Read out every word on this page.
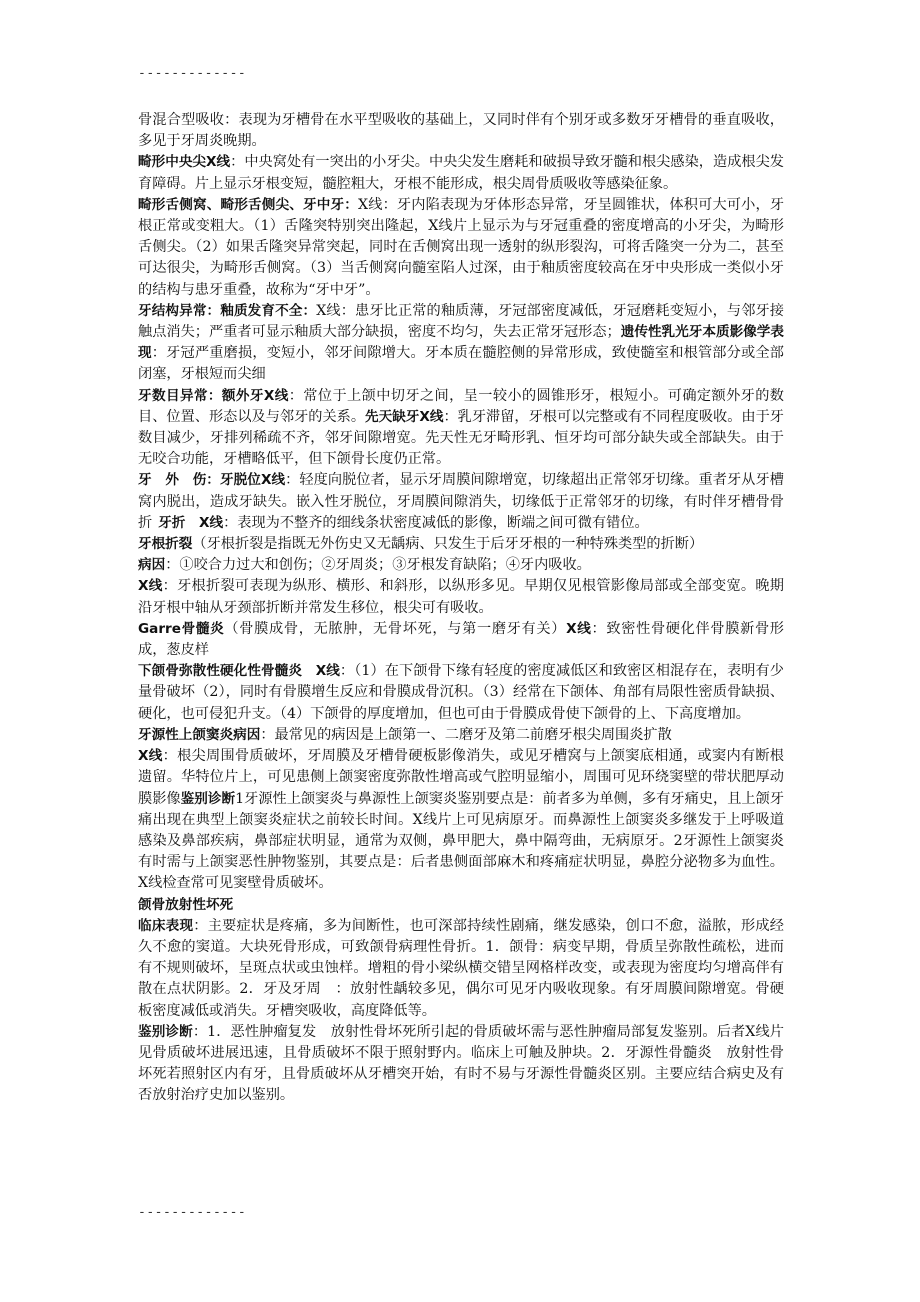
-------------

骨混合型吸收：表现为牙槽骨在水平型吸收的基础上，又同时伴有个别牙或多数牙牙槽骨的垂直吸收，多见于牙周炎晚期。

畸形中央尖X线：中央窝处有一突出的小牙尖。中央尖发生磨耗和破损导致牙髓和根尖感染，造成根尖发育障碍。片上显示牙根变短，髓腔粗大，牙根不能形成，根尖周骨质吸收等感染征象。

畸形舌侧窝、畸形舌侧尖、牙中牙：X线：牙内陷表现为牙体形态异常，牙呈圆锥状，体积可大可小，牙根正常或变粗大。（1）舌隆突特别突出隆起，X线片上显示为与牙冠重叠的密度增高的小牙尖，为畸形舌侧尖。（2）如果舌隆突异常突起，同时在舌侧窝出现一透射的纵形裂沟，可将舌隆突一分为二，甚至可达很尖，为畸形舌侧窝。（3）当舌侧窝向髓室陷人过深，由于釉质密度较高在牙中央形成一类似小牙的结构与患牙重叠，故称为“牙中牙”。

牙结构异常：釉质发育不全：X线：患牙比正常的釉质薄，牙冠部密度减低，牙冠磨耗变短小，与邻牙接触点消失；严重者可显示釉质大部分缺损，密度不均匀，失去正常牙冠形态；遗传性乳光牙本质影像学表现：牙冠严重磨损，变短小，邻牙间隙增大。牙本质在髓腔侧的异常形成，致使髓室和根管部分或全部闭塞，牙根短而尖细

牙数目异常：额外牙X线：常位于上颌中切牙之间，呈一较小的圆锥形牙，根短小。可确定额外牙的数目、位置、形态以及与邻牙的关系。先天缺牙X线：乳牙滞留，牙根可以完整或有不同程度吸收。由于牙数目减少，牙排列稀疏不齐，邻牙间隙增宽。先天性无牙畸形乳、恒牙均可部分缺失或全部缺失。由于无咬合功能，牙槽略低平，但下颌骨长度仍正常。

牙　外　伤：牙脱位X线：轻度向脱位者，显示牙周膜间隙增宽，切缘超出正常邻牙切缘。重者牙从牙槽窝内脱出，造成牙缺失。嵌入性牙脱位，牙周膜间隙消失，切缘低于正常邻牙的切缘，有时伴牙槽骨骨折 牙折　X线：表现为不整齐的细线条状密度减低的影像，断端之间可微有错位。

牙根折裂（牙根折裂是指既无外伤史又无龋病、只发生于后牙牙根的一种特殊类型的折断）

病因：①咬合力过大和创伤；②牙周炎；③牙根发育缺陷；④牙内吸收。

X线：牙根折裂可表现为纵形、横形、和斜形，以纵形多见。早期仅见根管影像局部或全部变宽。晚期沿牙根中轴从牙颈部折断并常发生移位，根尖可有吸收。

Garre骨髓炎（骨膜成骨，无脓肿，无骨坏死，与第一磨牙有关）X线：致密性骨硬化伴骨膜新骨形成，葱皮样

下颌骨弥散性硬化性骨髓炎　X线：（1）在下颌骨下缘有轻度的密度减低区和致密区相混存在，表明有少量骨破坏（2），同时有骨膜增生反应和骨膜成骨沉积。（3）经常在下颌体、角部有局限性密质骨缺损、硬化，也可侵犯升支。（4）下颌骨的厚度增加，但也可由于骨膜成骨使下颌骨的上、下高度增加。

牙源性上颌窦炎病因：最常见的病因是上颌第一、二磨牙及第二前磨牙根尖周围炎扩散

X线：根尖周围骨质破坏，牙周膜及牙槽骨硬板影像消失，或见牙槽窝与上颌窦底相通，或窦内有断根遗留。华特位片上，可见患侧上颌窦密度弥散性增高或气腔明显缩小，周围可见环绕窦壁的带状肥厚动膜影像鉴别诊断1牙源性上颌窦炎与鼻源性上颌窦炎鉴别要点是：前者多为单侧，多有牙痛史，且上颌牙痛出现在典型上颌窦炎症状之前较长时间。X线片上可见病原牙。而鼻源性上颌窦炎多继发于上呼吸道感染及鼻部疾病，鼻部症状明显，通常为双侧，鼻甲肥大，鼻中隔弯曲，无病原牙。2牙源性上颌窦炎有时需与上颌窦恶性肿物鉴别，其要点是：后者患侧面部麻木和疼痛症状明显，鼻腔分泌物多为血性。X线检查常可见窦壁骨质破坏。

颌骨放射性坏死

临床表现：主要症状是疼痛，多为间断性，也可深部持续性剧痛，继发感染，创口不愈，溢脓，形成经久不愈的窦道。大块死骨形成，可致颌骨病理性骨折。1．颌骨：病变早期，骨质呈弥散性疏松，进而有不规则破坏，呈斑点状或虫蚀样。增粗的骨小梁纵横交错呈网格样改变，或表现为密度均匀增高伴有散在点状阴影。2．牙及牙周　：放射性龋较多见，偶尔可见牙内吸收现象。有牙周膜间隙增宽。骨硬板密度减低或消失。牙槽突吸收，高度降低等。

鉴别诊断：1．恶性肿瘤复发　放射性骨坏死所引起的骨质破坏需与恶性肿瘤局部复发鉴别。后者X线片见骨质破坏进展迅速，且骨质破坏不限于照射野内。临床上可触及肿块。2．牙源性骨髓炎　放射性骨坏死若照射区内有牙，且骨质破坏从牙槽突开始，有时不易与牙源性骨髓炎区别。主要应结合病史及有否放射治疗史加以鉴别。

-------------
